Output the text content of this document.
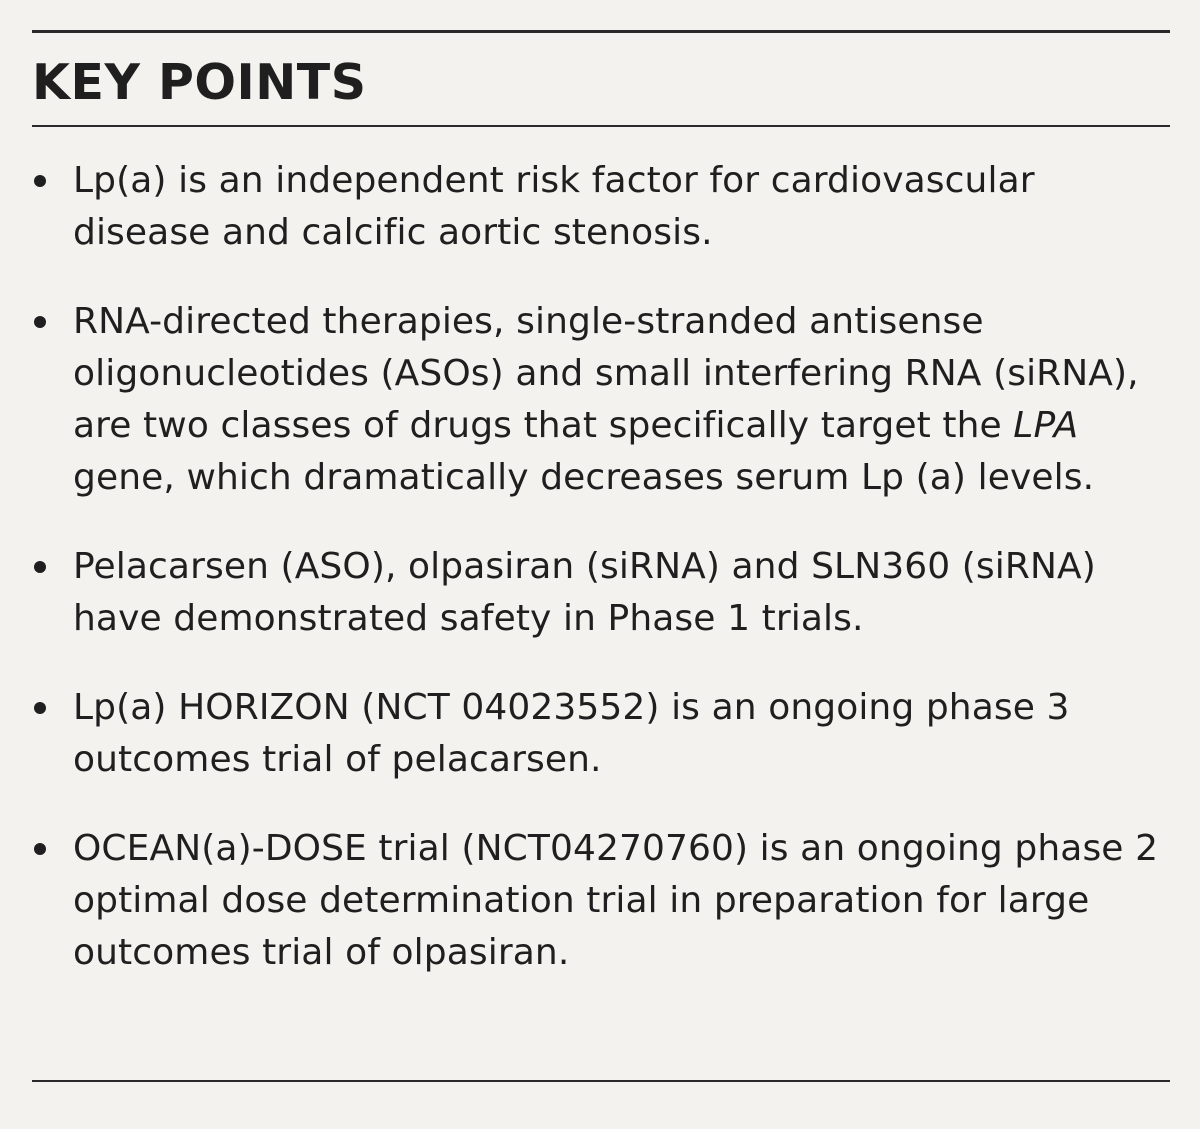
KEY POINTS
Lp(a) is an independent risk factor for cardiovascular disease and calcific aortic stenosis.
RNA-directed therapies, single-stranded antisense oligonucleotides (ASOs) and small interfering RNA (siRNA), are two classes of drugs that specifically target the LPA gene, which dramatically decreases serum Lp (a) levels.
Pelacarsen (ASO), olpasiran (siRNA) and SLN360 (siRNA) have demonstrated safety in Phase 1 trials.
Lp(a) HORIZON (NCT 04023552) is an ongoing phase 3 outcomes trial of pelacarsen.
OCEAN(a)-DOSE trial (NCT04270760) is an ongoing phase 2 optimal dose determination trial in preparation for large outcomes trial of olpasiran.
